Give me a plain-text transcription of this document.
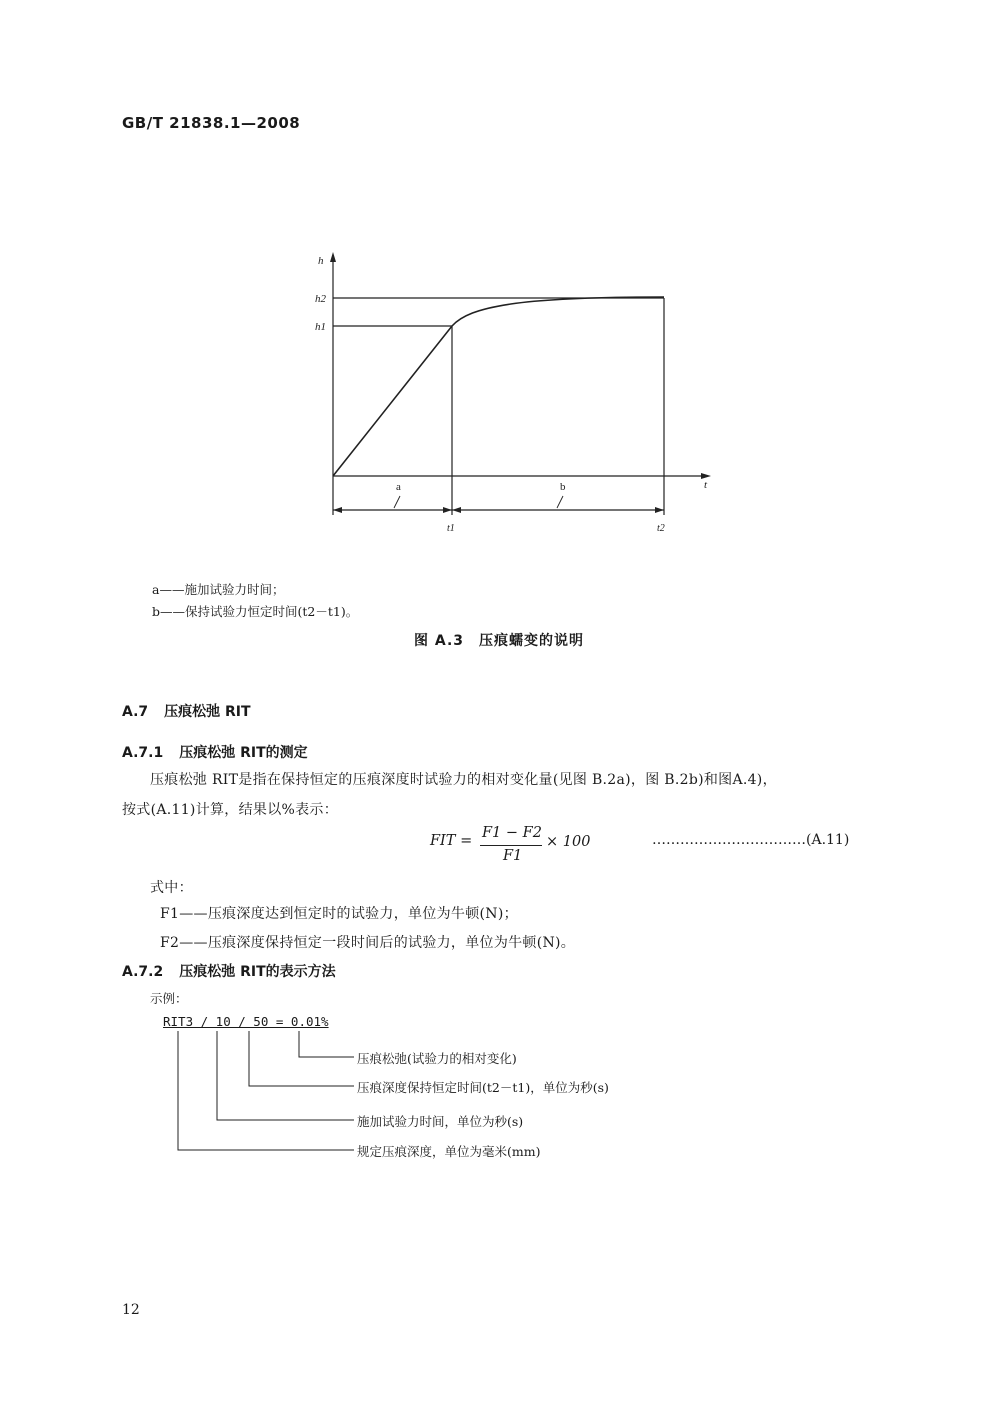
GB/T 21838.1—2008
h
t
h2
h1
a	b
t1	t2
a——施加试验力时间；
b——保持试验力恒定时间(t2－t1)。
图 A.3　压痕蠕变的说明
A.7 压痕松弛 RIT
A.7.1 压痕松弛 RIT的测定
压痕松弛 RIT是指在保持恒定的压痕深度时试验力的相对变化量(见图 B.2a)，图 B.2b)和图A.4)，
按式(A.11)计算，结果以%表示：
FIT = F1 − F2
F1
× 100	……………………………(A.11)
式中：
F1——压痕深度达到恒定时的试验力，单位为牛顿(N)；
F2——压痕深度保持恒定一段时间后的试验力，单位为牛顿(N)。
A.7.2 压痕松弛 RIT的表示方法
示例：
RIT3 / 10 / 50 = 0.01%
压痕松弛(试验力的相对变化)
压痕深度保持恒定时间(t2－t1)，单位为秒(s)
施加试验力时间，单位为秒(s)
规定压痕深度，单位为毫米(mm)
12
